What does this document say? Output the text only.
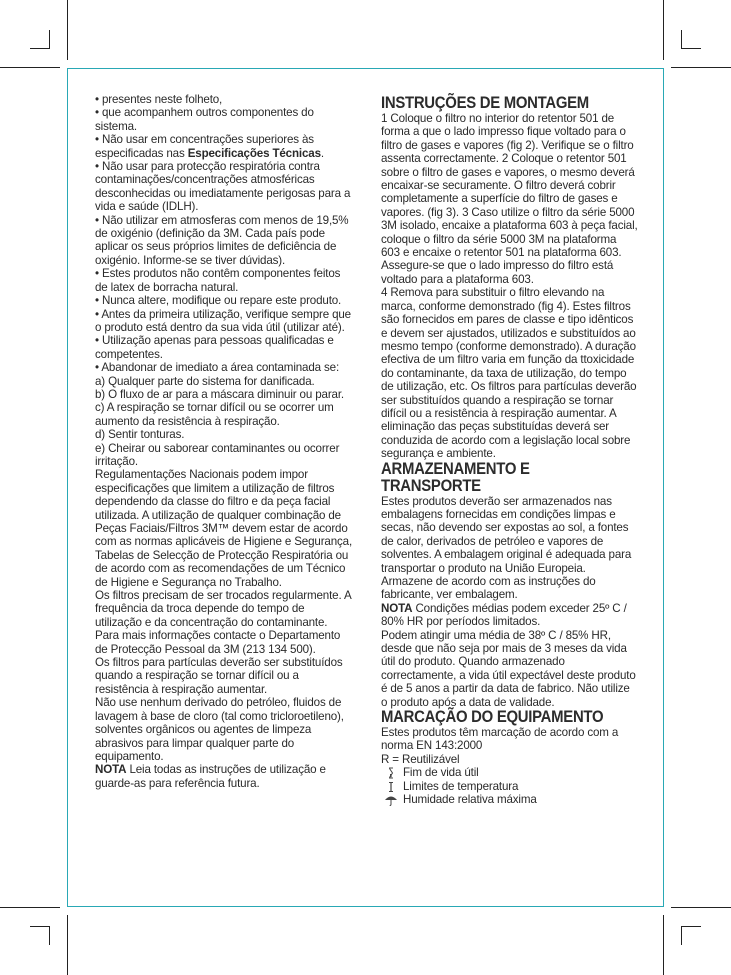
• presentes neste folheto,
• que acompanhem outros componentes do
sistema.
• Não usar em concentrações superiores às
especificadas nas Especificações Técnicas.
• Não usar para protecção respiratória contra
contaminações/concentrações atmosféricas
desconhecidas ou imediatamente perigosas para a
vida e saúde (IDLH).
• Não utilizar em atmosferas com menos de 19,5%
de oxigénio (definição da 3M. Cada país pode
aplicar os seus próprios limites de deficiência de
oxigénio. Informe-se se tiver dúvidas).
• Estes produtos não contêm componentes feitos
de latex de borracha natural.
• Nunca altere, modifique ou repare este produto.
• Antes da primeira utilização, verifique sempre que
o produto está dentro da sua vida útil (utilizar até).
• Utilização apenas para pessoas qualificadas e
competentes.
• Abandonar de imediato a área contaminada se:
a) Qualquer parte do sistema for danificada.
b) O fluxo de ar para a máscara diminuir ou parar.
c) A respiração se tornar difícil ou se ocorrer um
aumento da resistência à respiração.
d) Sentir tonturas.
e) Cheirar ou saborear contaminantes ou ocorrer
irritação.
Regulamentações Nacionais podem impor
especificações que limitem a utilização de filtros
dependendo da classe do filtro e da peça facial
utilizada. A utilização de qualquer combinação de
Peças Faciais/Filtros 3M™ devem estar de acordo
com as normas aplicáveis de Higiene e Segurança,
Tabelas de Selecção de Protecção Respiratória ou
de acordo com as recomendações de um Técnico
de Higiene e Segurança no Trabalho.
Os filtros precisam de ser trocados regularmente. A
frequência da troca depende do tempo de
utilização e da concentração do contaminante.
Para mais informações contacte o Departamento
de Protecção Pessoal da 3M (213 134 500).
Os filtros para partículas deverão ser substituídos
quando a respiração se tornar difícil ou a
resistência à respiração aumentar.
Não use nenhum derivado do petróleo, fluidos de
lavagem à base de cloro (tal como tricloroetileno),
solventes orgânicos ou agentes de limpeza
abrasivos para limpar qualquer parte do
equipamento.
NOTA Leia todas as instruções de utilização e
guarde-as para referência futura.
INSTRUÇÕES DE MONTAGEM
1 Coloque o filtro no interior do retentor 501 de
forma a que o lado impresso fique voltado para o
filtro de gases e vapores (fig 2). Verifique se o filtro
assenta correctamente. 2 Coloque o retentor 501
sobre o filtro de gases e vapores, o mesmo deverá
encaixar-se securamente. O filtro deverá cobrir
completamente a superfície do filtro de gases e
vapores. (fig 3). 3 Caso utilize o filtro da série 5000
3M isolado, encaixe a plataforma 603 à peça facial,
coloque o filtro da série 5000 3M na plataforma
603 e encaixe o retentor 501 na plataforma 603.
Assegure-se que o lado impresso do filtro está
voltado para a plataforma 603.
4 Remova para substituir o filtro elevando na
marca, conforme demonstrado (fig 4). Estes filtros
são fornecidos em pares de classe e tipo idênticos
e devem ser ajustados, utilizados e substituídos ao
mesmo tempo (conforme demonstrado). A duração
efectiva de um filtro varia em função da ttoxicidade
do contaminante, da taxa de utilização, do tempo
de utilização, etc. Os filtros para partículas deverão
ser substituídos quando a respiração se tornar
difícil ou a resistência à respiração aumentar. A
eliminação das peças substituídas deverá ser
conduzida de acordo com a legislação local sobre
segurança e ambiente.
ARMAZENAMENTO E
TRANSPORTE
Estes produtos deverão ser armazenados nas
embalagens fornecidas em condições limpas e
secas, não devendo ser expostas ao sol, a fontes
de calor, derivados de petróleo e vapores de
solventes. A embalagem original é adequada para
transportar o produto na União Europeia.
Armazene de acordo com as instruções do
fabricante, ver embalagem.
NOTA Condições médias podem exceder 25º C /
80% HR por períodos limitados.
Podem atingir uma média de 38º C / 85% HR,
desde que não seja por mais de 3 meses da vida
útil do produto. Quando armazenado
correctamente, a vida útil expectável deste produto
é de 5 anos a partir da data de fabrico. Não utilize
o produto após a data de validade.
MARCAÇÃO DO EQUIPAMENTO
Estes produtos têm marcação de acordo com a
norma EN 143:2000
R = Reutilizável
Fim de vida útil
Limites de temperatura
Humidade relativa máxima
